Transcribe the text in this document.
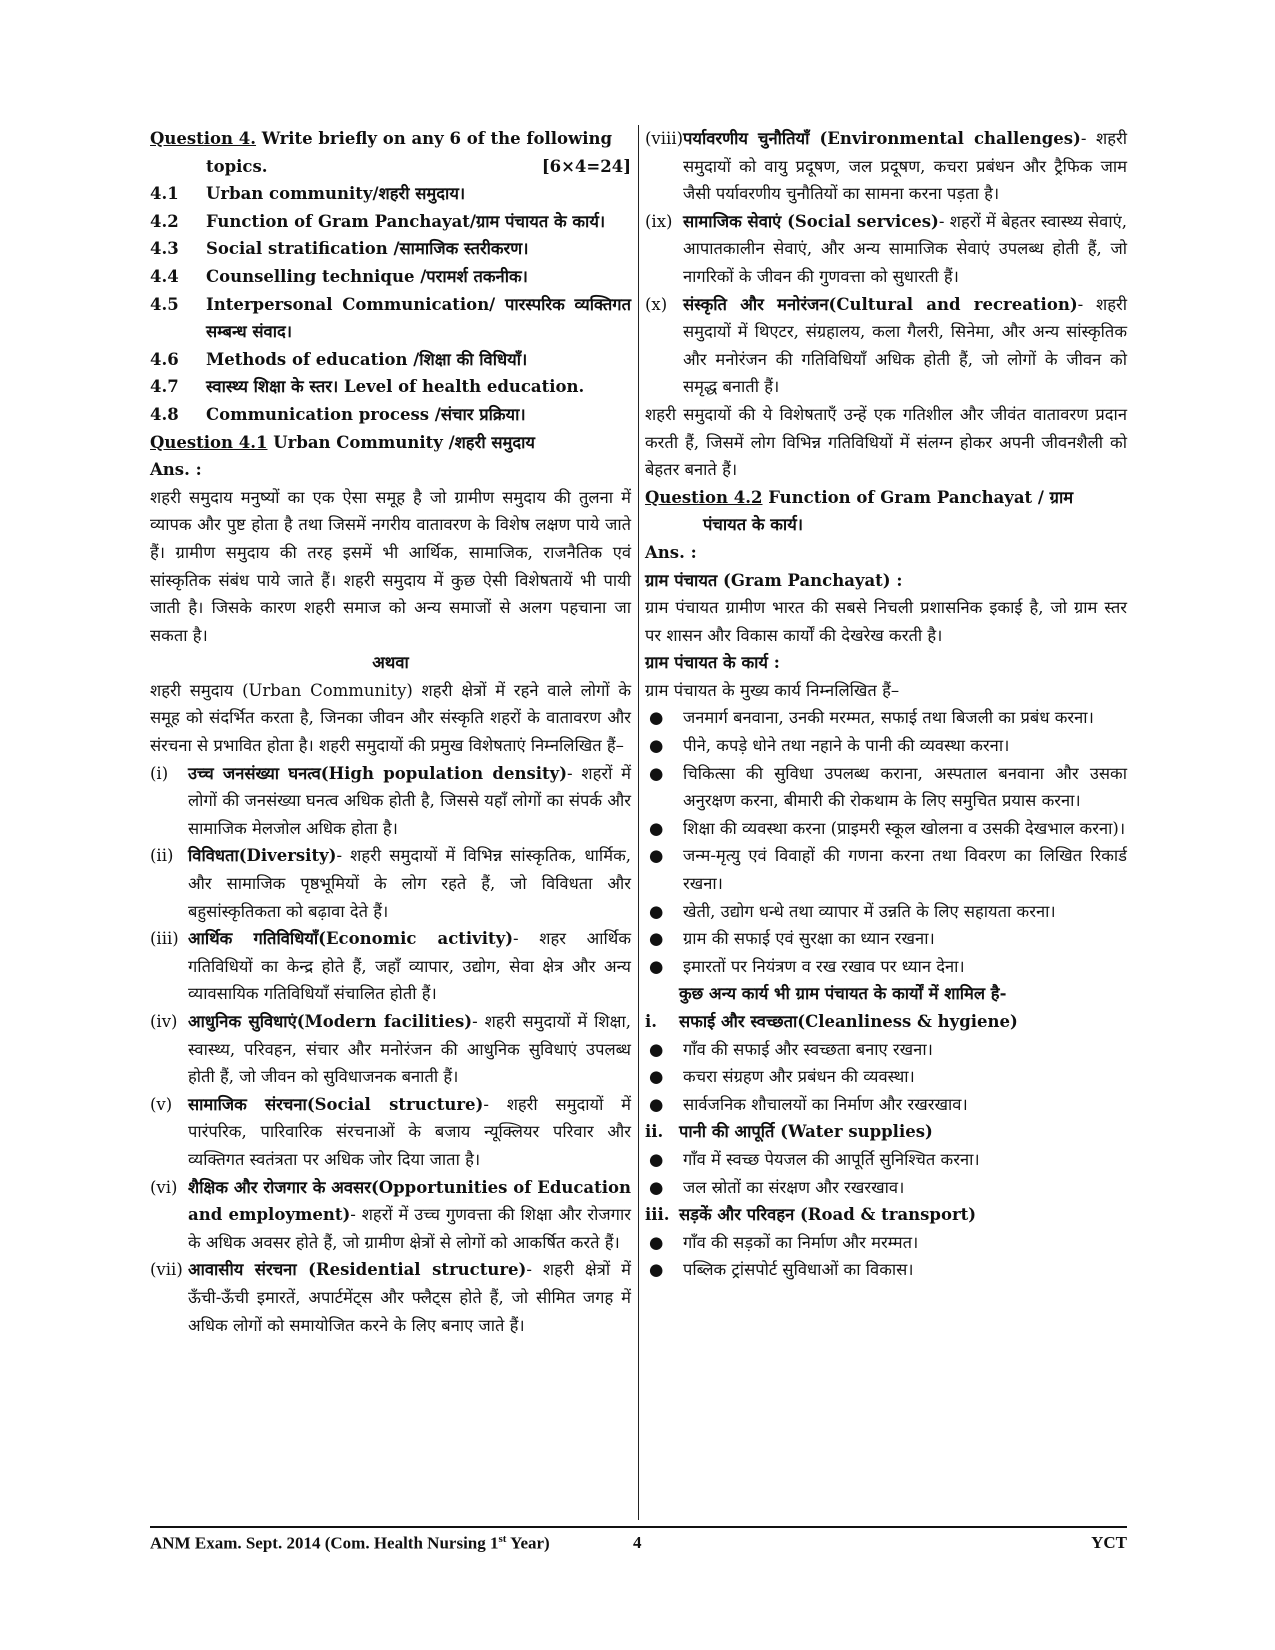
Question 4. Write briefly on any 6 of the following

topics.	[6×4=24]
4.1	Urban community/शहरी समुदाय।
4.2	Function of Gram Panchayat/ग्राम पंचायत के कार्य।
4.3	Social stratification /सामाजिक स्तरीकरण।
4.4	Counselling technique /परामर्श तकनीक।
4.5	Interpersonal Communication/ पारस्परिक व्यक्तिगत सम्बन्ध संवाद।
4.6	Methods of education /शिक्षा की विधियाँ।
4.7	स्वास्थ्य शिक्षा के स्तर। Level of health education.
4.8	Communication process /संचार प्रक्रिया।

Question 4.1 Urban Community /शहरी समुदाय

Ans. :

शहरी समुदाय मनुष्यों का एक ऐसा समूह है जो ग्रामीण समुदाय की तुलना में व्यापक और पुष्ट होता है तथा जिसमें नगरीय वातावरण के विशेष लक्षण पाये जाते हैं। ग्रामीण समुदाय की तरह इसमें भी आर्थिक, सामाजिक, राजनैतिक एवं सांस्कृतिक संबंध पाये जाते हैं। शहरी समुदाय में कुछ ऐसी विशेषतायें भी पायी जाती है। जिसके कारण शहरी समाज को अन्य समाजों से अलग पहचाना जा सकता है।

अथवा

शहरी समुदाय (Urban Community) शहरी क्षेत्रों में रहने वाले लोगों के समूह को संदर्भित करता है, जिनका जीवन और संस्कृति शहरों के वातावरण और संरचना से प्रभावित होता है। शहरी समुदायों की प्रमुख विशेषताएं निम्नलिखित हैं–

(i) उच्च जनसंख्या घनत्व(High population density)- शहरों में लोगों की जनसंख्या घनत्व अधिक होती है, जिससे यहाँ लोगों का संपर्क और सामाजिक मेलजोल अधिक होता है।

(ii) विविधता(Diversity)- शहरी समुदायों में विभिन्न सांस्कृतिक, धार्मिक, और सामाजिक पृष्ठभूमियों के लोग रहते हैं, जो विविधता और बहुसांस्कृतिकता को बढ़ावा देते हैं।

(iii) आर्थिक गतिविधियाँ(Economic activity)- शहर आर्थिक गतिविधियों का केन्द्र होते हैं, जहाँ व्यापार, उद्योग, सेवा क्षेत्र और अन्य व्यावसायिक गतिविधियाँ संचालित होती हैं।

(iv) आधुनिक सुविधाएं(Modern facilities)- शहरी समुदायों में शिक्षा, स्वास्थ्य, परिवहन, संचार और मनोरंजन की आधुनिक सुविधाएं उपलब्ध होती हैं, जो जीवन को सुविधाजनक बनाती हैं।

(v) सामाजिक संरचना(Social structure)- शहरी समुदायों में पारंपरिक, पारिवारिक संरचनाओं के बजाय न्यूक्लियर परिवार और व्यक्तिगत स्वतंत्रता पर अधिक जोर दिया जाता है।

(vi) शैक्षिक और रोजगार के अवसर(Opportunities of Education and employment)- शहरों में उच्च गुणवत्ता की शिक्षा और रोजगार के अधिक अवसर होते हैं, जो ग्रामीण क्षेत्रों से लोगों को आकर्षित करते हैं।

(vii) आवासीय संरचना (Residential structure)- शहरी क्षेत्रों में ऊँची-ऊँची इमारतें, अपार्टमेंट्स और फ्लैट्स होते हैं, जो सीमित जगह में अधिक लोगों को समायोजित करने के लिए बनाए जाते हैं।

(viii)पर्यावरणीय चुनौतियाँ (Environmental challenges)- शहरी समुदायों को वायु प्रदूषण, जल प्रदूषण, कचरा प्रबंधन और ट्रैफिक जाम जैसी पर्यावरणीय चुनौतियों का सामना करना पड़ता है।

(ix) सामाजिक सेवाएं (Social services)- शहरों में बेहतर स्वास्थ्य सेवाएं, आपातकालीन सेवाएं, और अन्य सामाजिक सेवाएं उपलब्ध होती हैं, जो नागरिकों के जीवन की गुणवत्ता को सुधारती हैं।

(x) संस्कृति और मनोरंजन(Cultural and recreation)- शहरी समुदायों में थिएटर, संग्रहालय, कला गैलरी, सिनेमा, और अन्य सांस्कृतिक और मनोरंजन की गतिविधियाँ अधिक होती हैं, जो लोगों के जीवन को समृद्ध बनाती हैं।

शहरी समुदायों की ये विशेषताएँ उन्हें एक गतिशील और जीवंत वातावरण प्रदान करती हैं, जिसमें लोग विभिन्न गतिविधियों में संलग्न होकर अपनी जीवनशैली को बेहतर बनाते हैं।

Question 4.2 Function of Gram Panchayat / ग्राम

पंचायत के कार्य।

Ans. :

ग्राम पंचायत (Gram Panchayat) :

ग्राम पंचायत ग्रामीण भारत की सबसे निचली प्रशासनिक इकाई है, जो ग्राम स्तर पर शासन और विकास कार्यों की देखरेख करती है।

ग्राम पंचायत के कार्य :

ग्राम पंचायत के मुख्य कार्य निम्नलिखित हैं–

●	जनमार्ग बनवाना, उनकी मरम्मत, सफाई तथा बिजली का प्रबंध करना।
●	पीने, कपड़े धोने तथा नहाने के पानी की व्यवस्था करना।
●	चिकित्सा की सुविधा उपलब्ध कराना, अस्पताल बनवाना और उसका अनुरक्षण करना, बीमारी की रोकथाम के लिए समुचित प्रयास करना।
●	शिक्षा की व्यवस्था करना (प्राइमरी स्कूल खोलना व उसकी देखभाल करना)।
●	जन्म-मृत्यु एवं विवाहों की गणना करना तथा विवरण का लिखित रिकार्ड रखना।
●	खेती, उद्योग धन्धे तथा व्यापार में उन्नति के लिए सहायता करना।
●	ग्राम की सफाई एवं सुरक्षा का ध्यान रखना।
●	इमारतों पर नियंत्रण व रख रखाव पर ध्यान देना।

कुछ अन्य कार्य भी ग्राम पंचायत के कार्यों में शामिल है-

i.	सफाई और स्वच्छता(Cleanliness & hygiene)
●	गाँव की सफाई और स्वच्छता बनाए रखना।
●	कचरा संग्रहण और प्रबंधन की व्यवस्था।
●	सार्वजनिक शौचालयों का निर्माण और रखरखाव।
ii. पानी की आपूर्ति (Water supplies)
●	गाँव में स्वच्छ पेयजल की आपूर्ति सुनिश्चित करना।
●	जल स्रोतों का संरक्षण और रखरखाव।
iii. सड़कें और परिवहन (Road & transport)
●	गाँव की सड़कों का निर्माण और मरम्मत।
●	पब्लिक ट्रांसपोर्ट सुविधाओं का विकास।
ANM Exam. Sept. 2014 (Com. Health Nursing 1st Year)	4	YCT
